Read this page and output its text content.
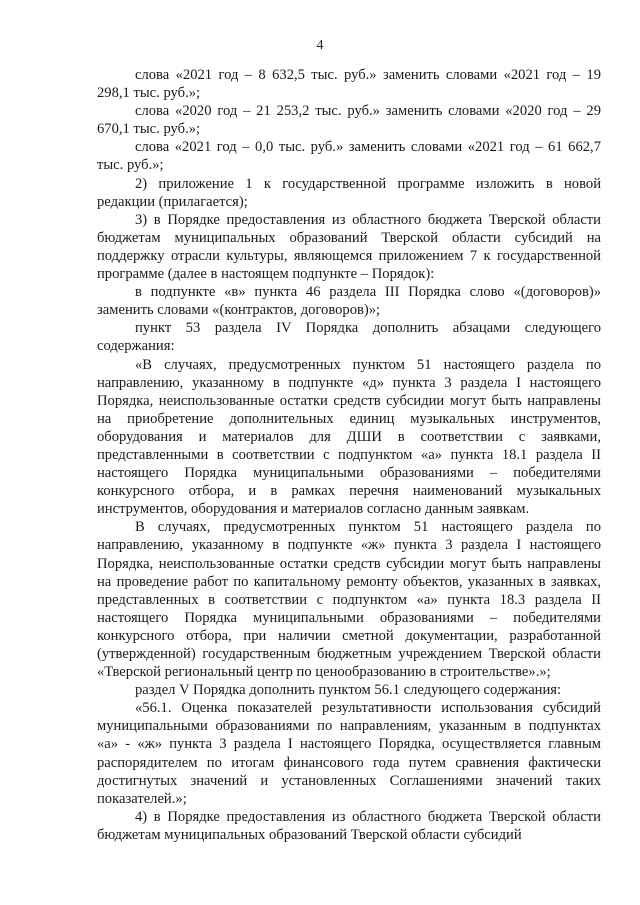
4

слова «2021 год – 8 632,5 тыс. руб.» заменить словами «2021 год – 19 298,1 тыс. руб.»;

слова «2020 год – 21 253,2 тыс. руб.» заменить словами «2020 год – 29 670,1 тыс. руб.»;

слова «2021 год – 0,0 тыс. руб.» заменить словами «2021 год – 61 662,7 тыс. руб.»;

2) приложение 1 к государственной программе изложить в новой редакции (прилагается);

3) в Порядке предоставления из областного бюджета Тверской области бюджетам муниципальных образований Тверской области субсидий на поддержку отрасли культуры, являющемся приложением 7 к государственной программе (далее в настоящем подпункте – Порядок):

в подпункте «в» пункта 46 раздела III Порядка слово «(договоров)» заменить словами «(контрактов, договоров)»;

пункт 53 раздела IV Порядка дополнить абзацами следующего содержания:

«В случаях, предусмотренных пунктом 51 настоящего раздела по направлению, указанному в подпункте «д» пункта 3 раздела I настоящего Порядка, неиспользованные остатки средств субсидии могут быть направлены на приобретение дополнительных единиц музыкальных инструментов, оборудования и материалов для ДШИ в соответствии с заявками, представленными в соответствии с подпунктом «а» пункта 18.1 раздела II настоящего Порядка муниципальными образованиями – победителями конкурсного отбора, и в рамках перечня наименований музыкальных инструментов, оборудования и материалов согласно данным заявкам.

В случаях, предусмотренных пунктом 51 настоящего раздела по направлению, указанному в подпункте «ж» пункта 3 раздела I настоящего Порядка, неиспользованные остатки средств субсидии могут быть направлены на проведение работ по капитальному ремонту объектов, указанных в заявках, представленных в соответствии с подпунктом «а» пункта 18.3 раздела II настоящего Порядка муниципальными образованиями – победителями конкурсного отбора, при наличии сметной документации, разработанной (утвержденной) государственным бюджетным учреждением Тверской области «Тверской региональный центр по ценообразованию в строительстве».»;

раздел V Порядка дополнить пунктом 56.1 следующего содержания:

«56.1. Оценка показателей результативности использования субсидий муниципальными образованиями по направлениям, указанным в подпунктах «а» - «ж» пункта 3 раздела I настоящего Порядка, осуществляется главным распорядителем по итогам финансового года путем сравнения фактически достигнутых значений и установленных Соглашениями значений таких показателей.»;

4) в Порядке предоставления из областного бюджета Тверской области бюджетам муниципальных образований Тверской области субсидий
